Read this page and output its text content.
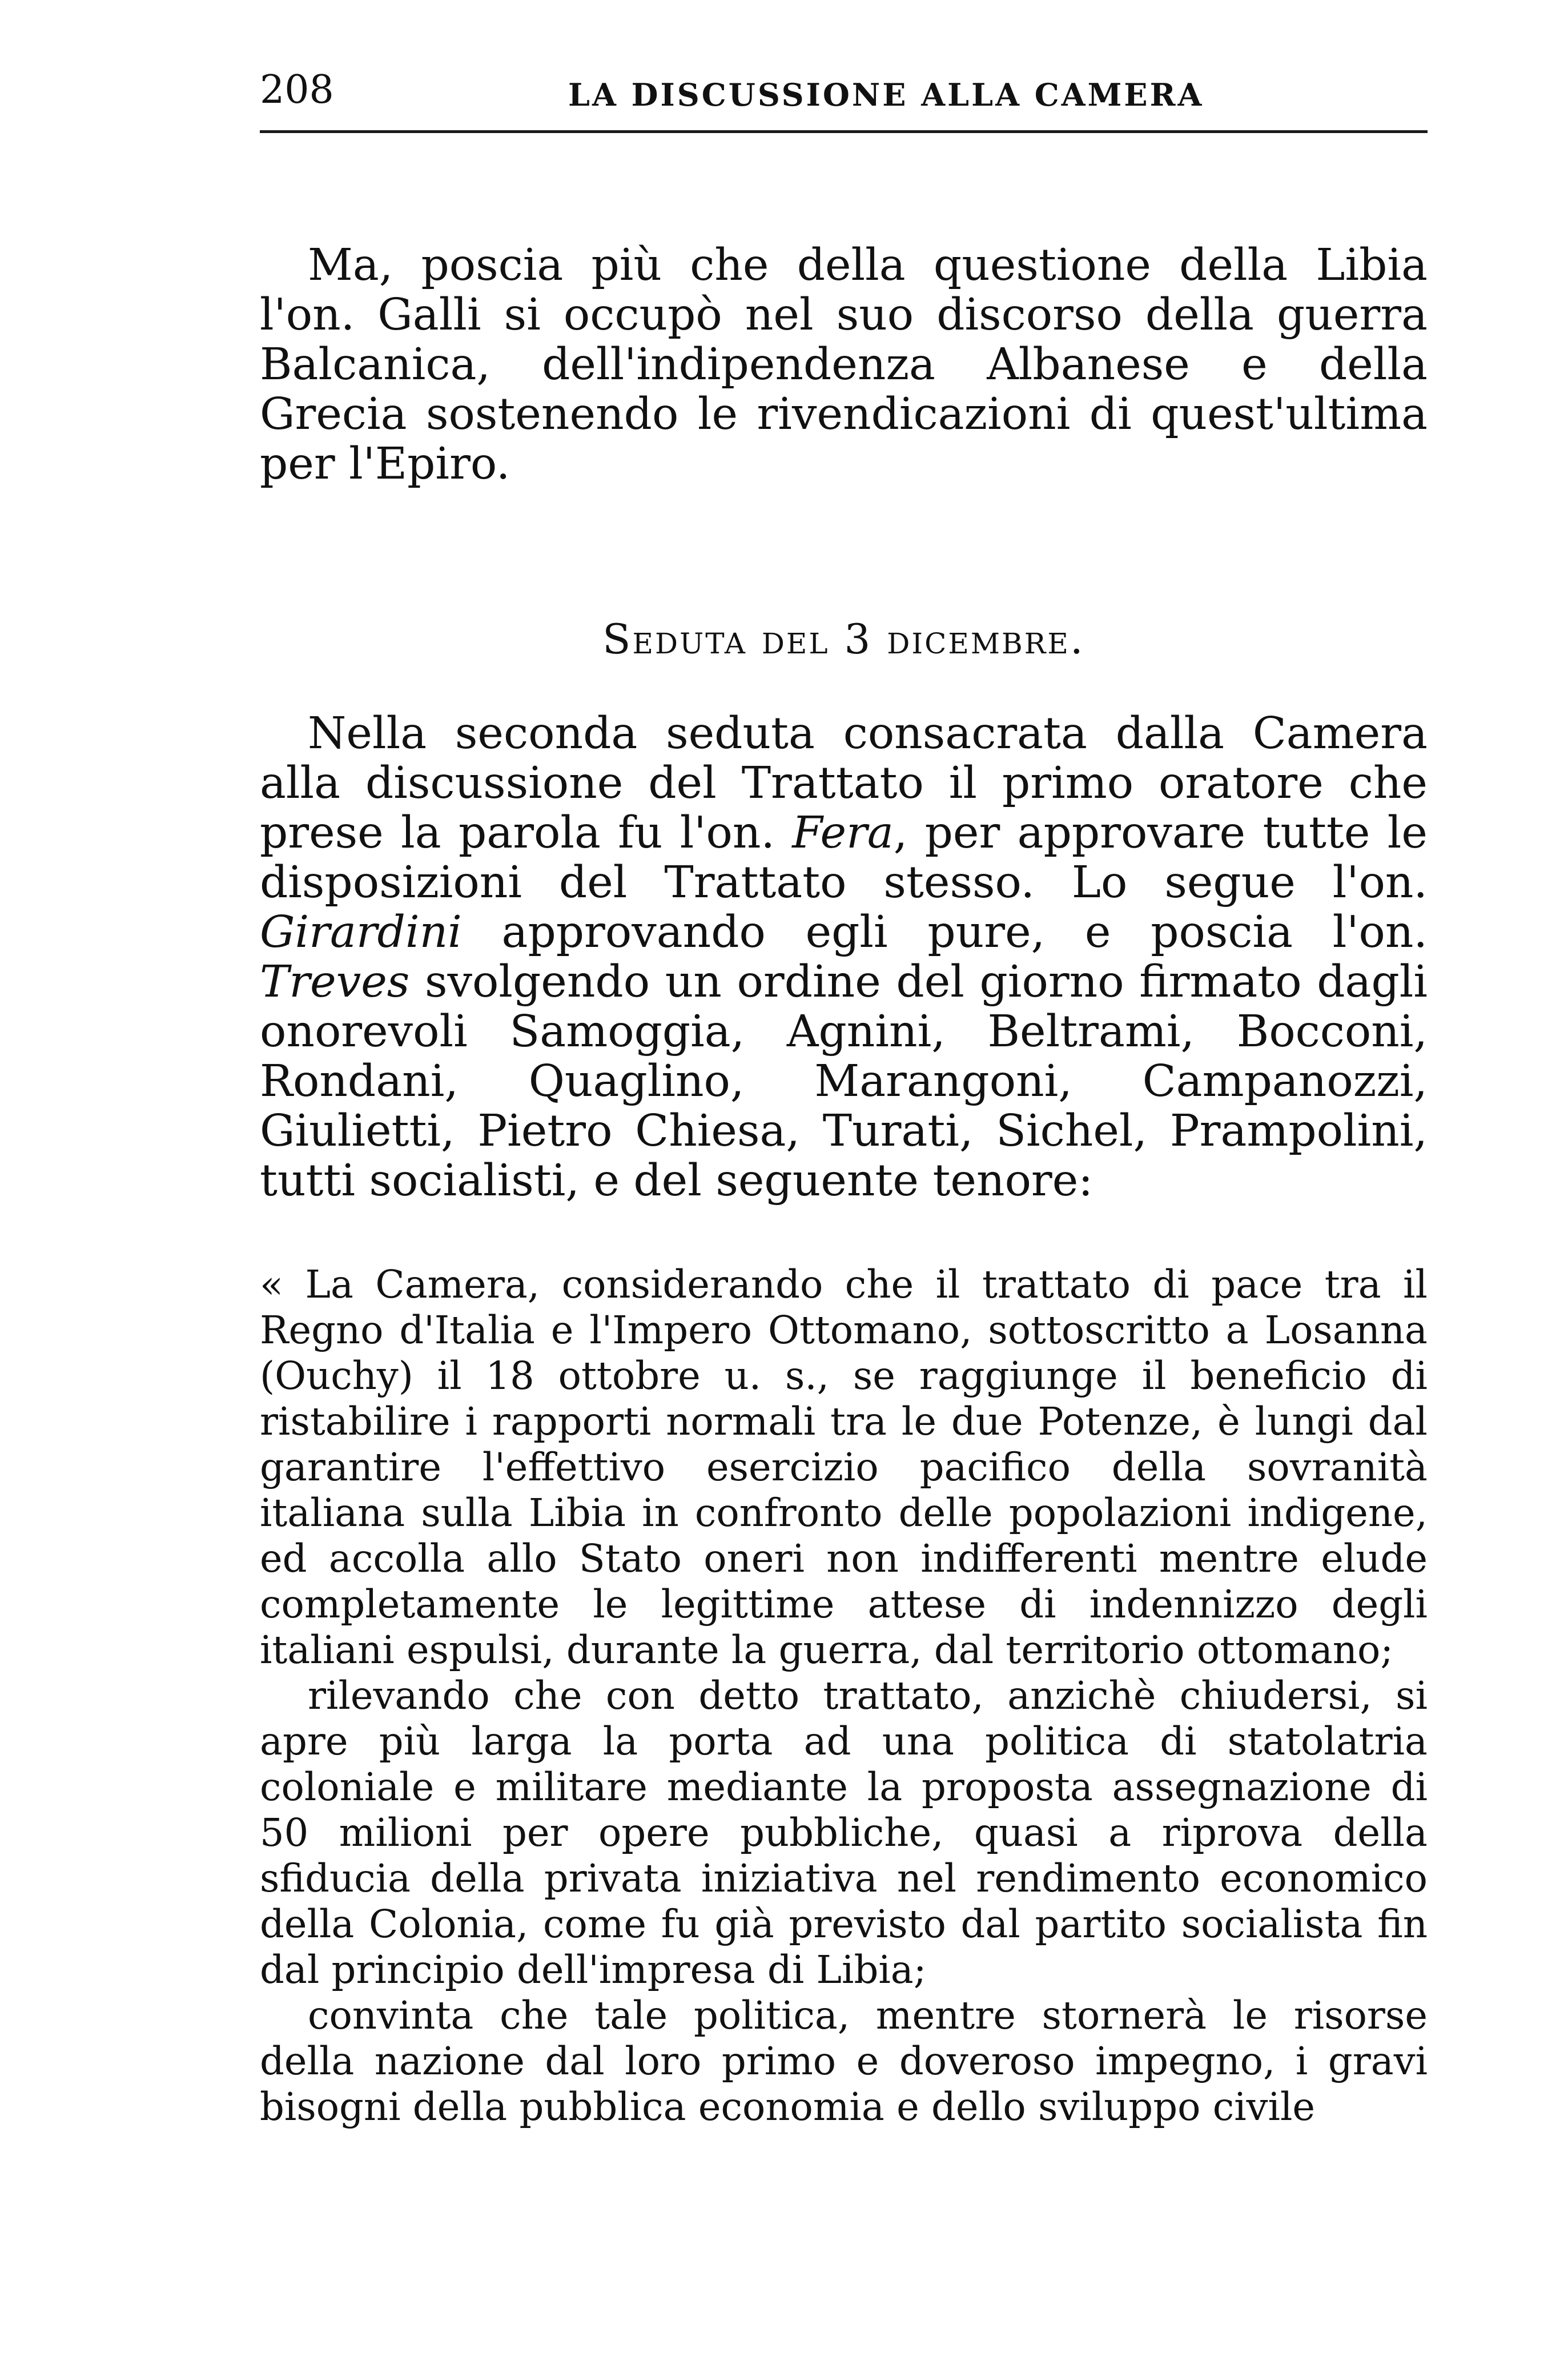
208	LA DISCUSSIONE ALLA CAMERA

Ma, poscia più che della questione della Libia l'on. Galli si occupò nel suo discorso della guerra Balcanica, dell'indipendenza Albanese e della Grecia sostenendo le rivendicazioni di quest'ultima per l'Epiro.

Seduta del 3 dicembre.

Nella seconda seduta consacrata dalla Camera alla discussione del Trattato il primo oratore che prese la parola fu l'on. Fera, per approvare tutte le disposizioni del Trattato stesso. Lo segue l'on. Girardini approvando egli pure, e poscia l'on. Treves svolgendo un ordine del giorno firmato dagli onorevoli Samoggia, Agnini, Beltrami, Bocconi, Rondani, Quaglino, Marangoni, Campanozzi, Giulietti, Pietro Chiesa, Turati, Sichel, Prampolini, tutti socialisti, e del seguente tenore:

« La Camera, considerando che il trattato di pace tra il Regno d'Italia e l'Impero Ottomano, sottoscritto a Losanna (Ouchy) il 18 ottobre u. s., se raggiunge il beneficio di ristabilire i rapporti normali tra le due Potenze, è lungi dal garantire l'effettivo esercizio pacifico della sovranità italiana sulla Libia in confronto delle popolazioni indigene, ed accolla allo Stato oneri non indifferenti mentre elude completamente le legittime attese di indennizzo degli italiani espulsi, durante la guerra, dal territorio ottomano;

rilevando che con detto trattato, anzichè chiudersi, si apre più larga la porta ad una politica di statolatria coloniale e militare mediante la proposta assegnazione di 50 milioni per opere pubbliche, quasi a riprova della sfiducia della privata iniziativa nel rendimento economico della Colonia, come fu già previsto dal partito socialista fin dal principio dell'impresa di Libia;

convinta che tale politica, mentre stornerà le risorse della nazione dal loro primo e doveroso impegno, i gravi bisogni della pubblica economia e dello sviluppo civile
